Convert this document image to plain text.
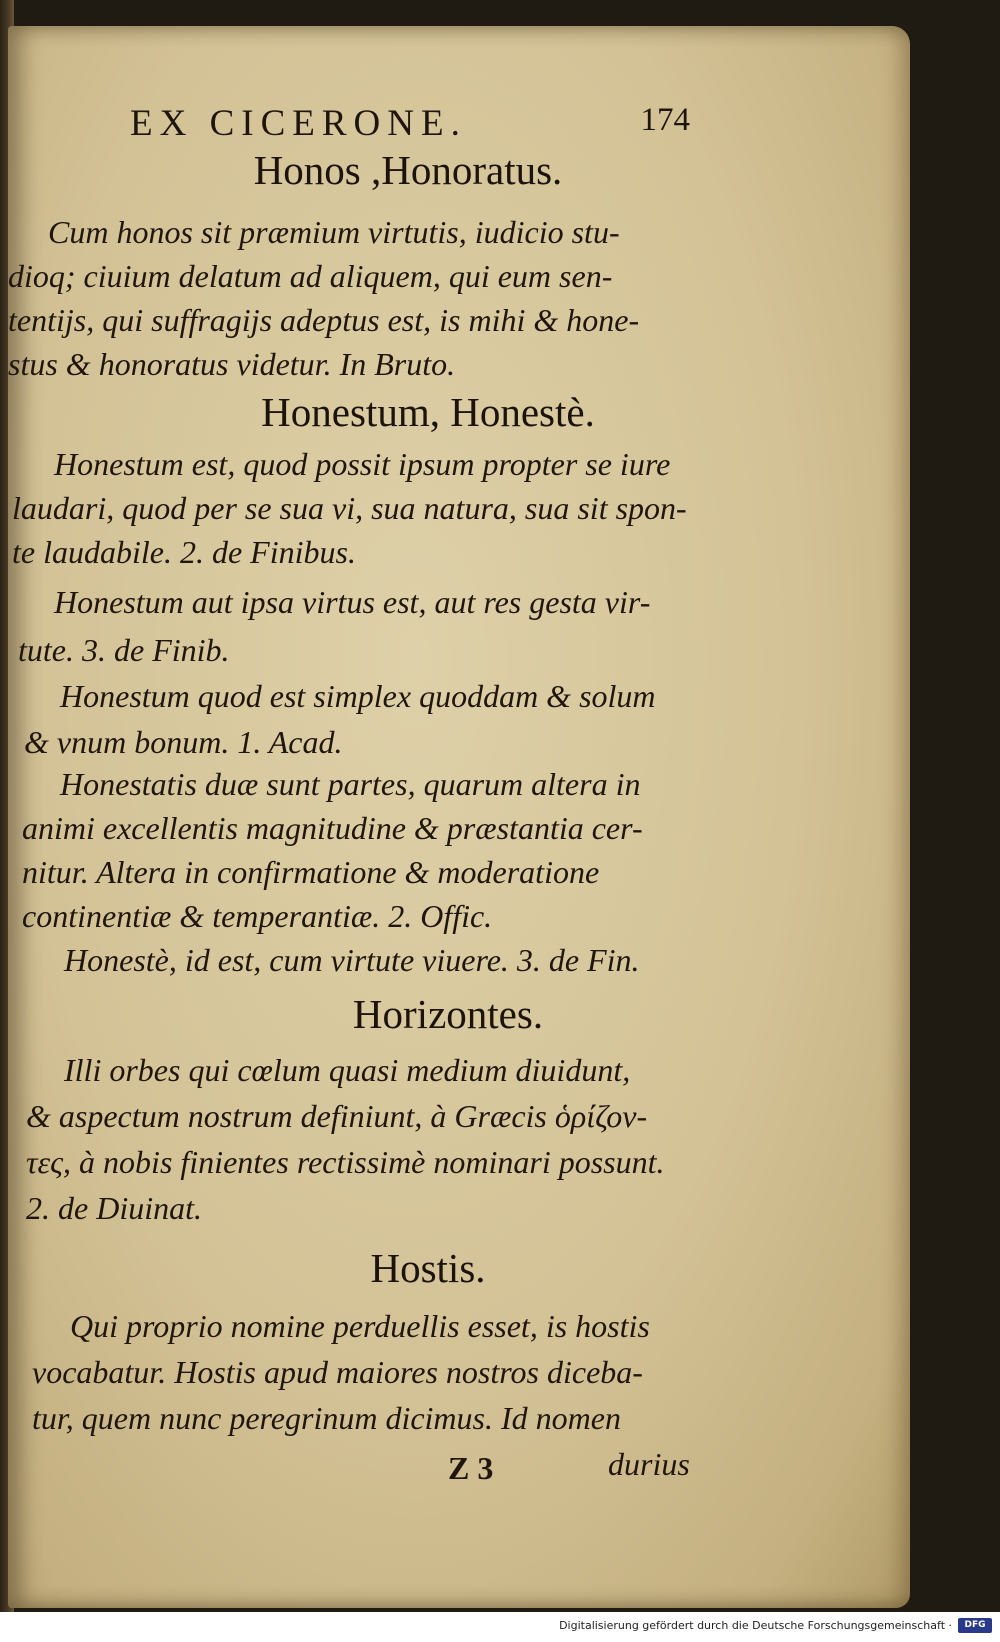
EX CICERONE.	174
Honos ,Honoratus.
Cum honos sit præmium virtutis, iudicio stu-
dioq; ciuium delatum ad aliquem, qui eum sen-
tentijs, qui suffragijs adeptus est, is mihi & hone-
stus & honoratus videtur. In Bruto.
Honestum, Honestè.
Honestum est, quod possit ipsum propter se iure
laudari, quod per se sua vi, sua natura, sua sit spon-
te laudabile. 2. de Finibus.
Honestum aut ipsa virtus est, aut res gesta vir-
tute. 3. de Finib.
Honestum quod est simplex quoddam & solum
& vnum bonum. 1. Acad.
Honestatis duæ sunt partes, quarum altera in
animi excellentis magnitudine & præstantia cer-
nitur. Altera in confirmatione & moderatione
continentiæ & temperantiæ. 2. Offic.
Honestè, id est, cum virtute viuere. 3. de Fin.
Horizontes.
Illi orbes qui cœlum quasi medium diuidunt,
& aspectum nostrum definiunt, à Græcis ὁρίζον-
τες, à nobis finientes rectissimè nominari possunt.
2. de Diuinat.
Hostis.
Qui proprio nomine perduellis esset, is hostis
vocabatur. Hostis apud maiores nostros diceba-
tur, quem nunc peregrinum dicimus. Id nomen
Z 3	durius
Digitalisierung gefördert durch die Deutsche Forschungsgemeinschaft ·	DFG
